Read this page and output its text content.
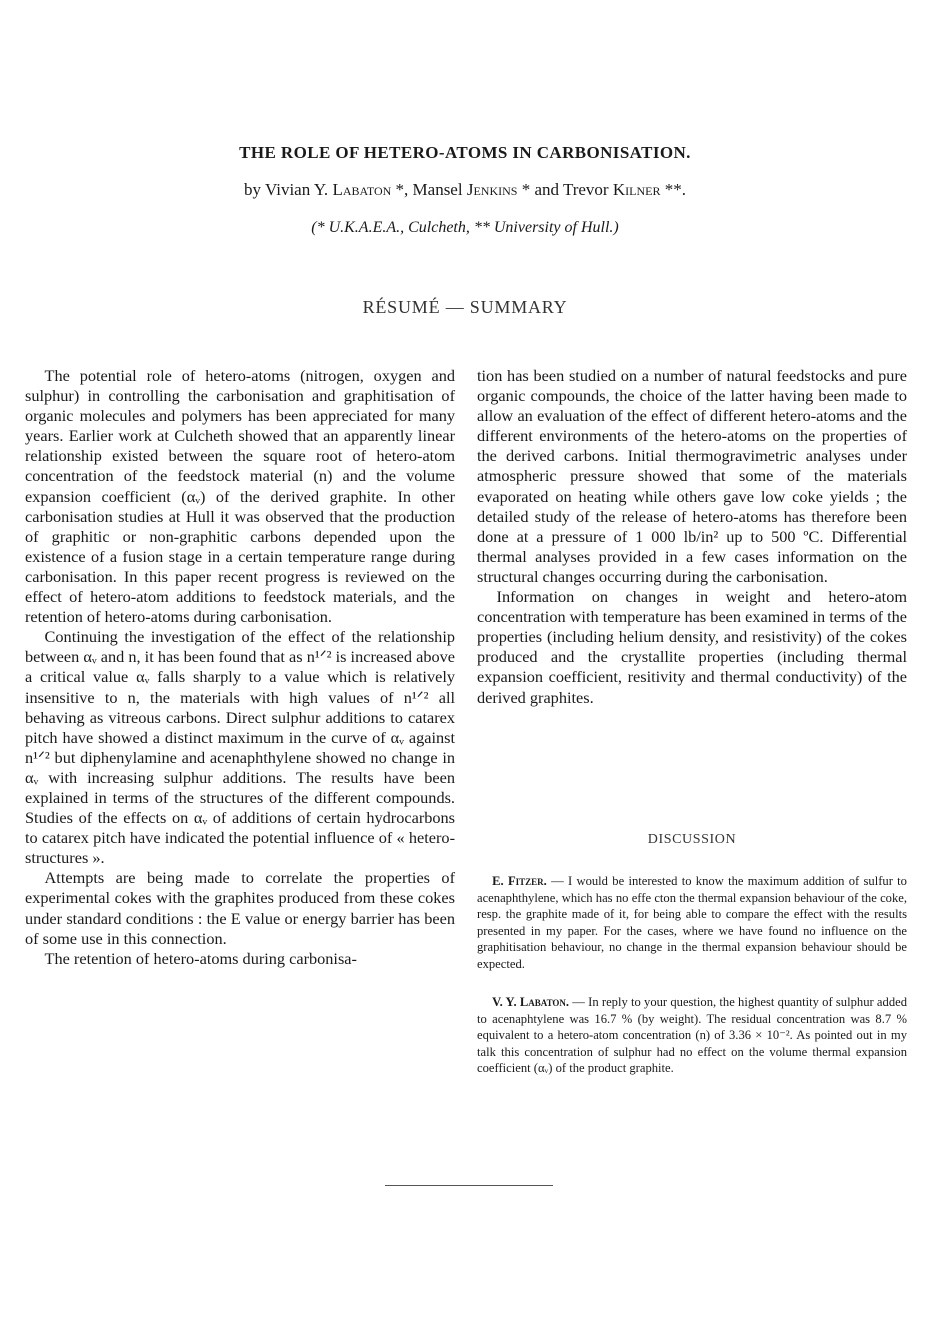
THE ROLE OF HETERO-ATOMS IN CARBONISATION.
by Vivian Y. Labaton *, Mansel Jenkins * and Trevor Kilner **.
(* U.K.A.E.A., Culcheth, ** University of Hull.)
RÉSUMÉ — SUMMARY

The potential role of hetero-atoms (nitrogen, oxygen and sulphur) in controlling the carbonisation and graphitisation of organic molecules and polymers has been appreciated for many years. Earlier work at Culcheth showed that an apparently linear relationship existed between the square root of hetero-atom concentration of the feedstock material (n) and the volume expansion coefficient (αᵥ) of the derived graphite. In other carbonisation studies at Hull it was observed that the production of graphitic or non-graphitic carbons depended upon the existence of a fusion stage in a certain temperature range during carbonisation. In this paper recent progress is reviewed on the effect of hetero-atom additions to feedstock materials, and the retention of hetero-atoms during carbonisation.

Continuing the investigation of the effect of the relationship between αᵥ and n, it has been found that as n¹ᐟ² is increased above a critical value αᵥ falls sharply to a value which is relatively insensitive to n, the materials with high values of n¹ᐟ² all behaving as vitreous carbons. Direct sulphur additions to catarex pitch have showed a distinct maximum in the curve of αᵥ against n¹ᐟ² but diphenylamine and acenaphthylene showed no change in αᵥ with increasing sulphur additions. The results have been explained in terms of the structures of the different compounds. Studies of the effects on αᵥ of additions of certain hydrocarbons to catarex pitch have indicated the potential influence of « hetero-structures ».

Attempts are being made to correlate the properties of experimental cokes with the graphites produced from these cokes under standard conditions : the E value or energy barrier has been of some use in this connection.

The retention of hetero-atoms during carbonisa-

tion has been studied on a number of natural feedstocks and pure organic compounds, the choice of the latter having been made to allow an evaluation of the effect of different hetero-atoms and the different environments of the hetero-atoms on the properties of the derived carbons. Initial thermogravimetric analyses under atmospheric pressure showed that some of the materials evaporated on heating while others gave low coke yields ; the detailed study of the release of hetero-atoms has therefore been done at a pressure of 1 000 lb/in² up to 500 ºC. Differential thermal analyses provided in a few cases information on the structural changes occurring during the carbonisation.

Information on changes in weight and hetero-atom concentration with temperature has been examined in terms of the properties (including helium density, and resistivity) of the cokes produced and the crystallite properties (including thermal expansion coefficient, resitivity and thermal conductivity) of the derived graphites.

DISCUSSION

E. Fitzer. — I would be interested to know the maximum addition of sulfur to acenaphthylene, which has no effe cton the thermal expansion behaviour of the coke, resp. the graphite made of it, for being able to compare the effect with the results presented in my paper. For the cases, where we have found no influence on the graphitisation behaviour, no change in the thermal expansion behaviour should be expected.

V. Y. Labaton. — In reply to your question, the highest quantity of sulphur added to acenaphtylene was 16.7 % (by weight). The residual concentration was 8.7 % equivalent to a hetero-atom concentration (n) of 3.36 × 10⁻². As pointed out in my talk this concentration of sulphur had no effect on the volume thermal expansion coefficient (αᵥ) of the product graphite.
